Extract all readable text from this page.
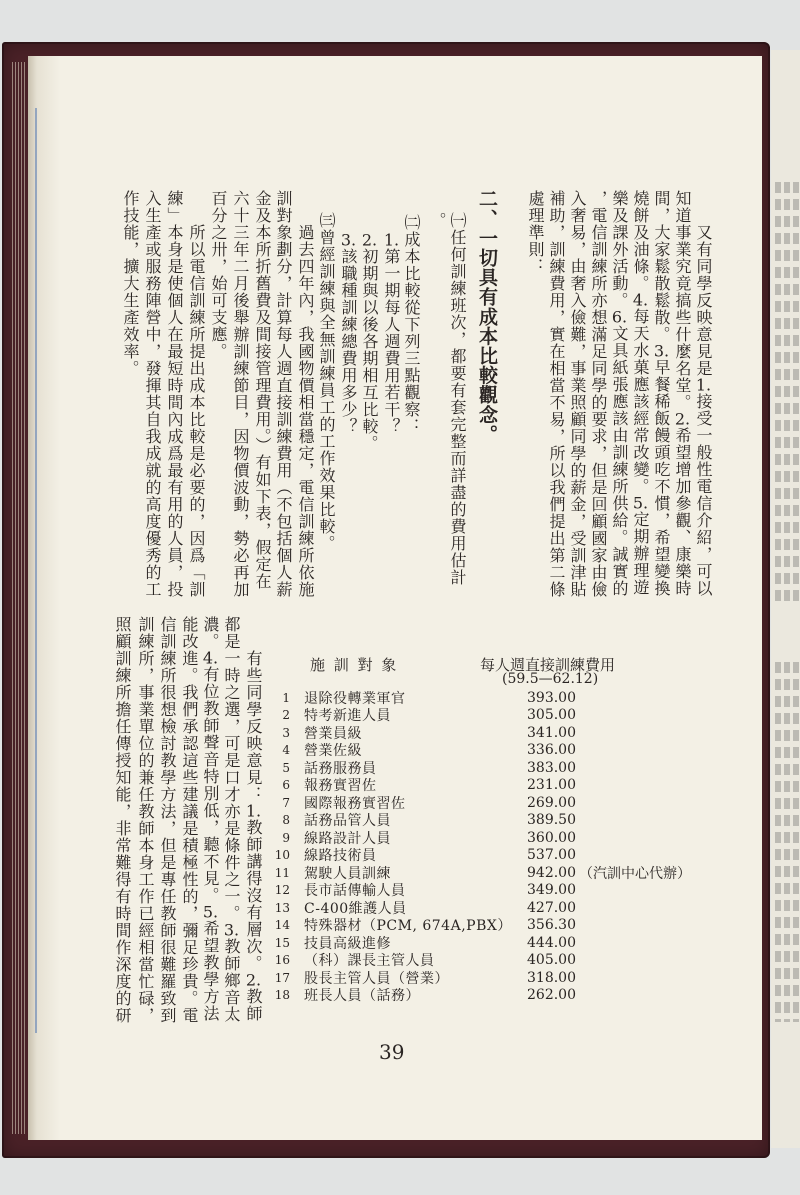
又有同學反映意見是1.接受一般性電信介紹，可以
知道事業究竟搞些什麼名堂。2.希望增加參觀、康樂時
間，大家鬆散鬆散。3.早餐稀飯饅頭吃不慣，希望變換
燒餅及油條。4.每天水菓應該經常改變。5.定期辦理遊
樂及課外活動。6.文具紙張應該由訓練所供給。誠實的
，電信訓練所亦想滿足同學的要求，但是回顧國家由儉
入奢易，由奢入儉難，事業照顧同學的薪金，受訓津貼
補助，訓練費用，實在相當不易，所以我們提出第二條
處理準則：
二、一切具有成本比較觀念。
㈠任何訓練班次，都要有套完整而詳盡的費用估計
。
㈡成本比較從下列三點觀察：
1.第一期每人週費用若干？
2.初期與以後各期相互比較。
3.該職種訓練總費用多少？
㈢曾經訓練與全無訓練員工的工作效果比較。
過去四年內，我國物價相當穩定，電信訓練所依施
訓對象劃分，計算每人週直接訓練費用（不包括個人薪
金及本所折舊費及間接管理費用。）有如下表，假定在
六十三年二月後舉辦訓練節目，因物價波動，勢必再加
百分之卅，始可支應。
所以電信訓練所提出成本比較是必要的，因爲「訓
練」本身是使個人在最短時間內成爲最有用的人員，投
入生產或服務陣營中，發揮其自我成就的高度優秀的工
作技能，擴大生產效率。
施 訓 對 象	每人週直接訓練費用
(59.5—62.12)
1 退除役轉業軍官	393.00
2 特考新進人員	305.00
3 營業員級	341.00
4 營業佐級	336.00
5 話務服務員	383.00
6 報務實習佐	231.00
7 國際報務實習佐	269.00
8 話務品管人員	389.50
9 線路設計人員	360.00
10 線路技術員	537.00
11 駕駛人員訓練	942.00 （汽訓中心代辦）
12 長市話傳輸人員	349.00
13 C-400維護人員	427.00
14 特殊器材（PCM, 674A,PBX）	356.30
15 技員高級進修	444.00
16 （科）課長主管人員	405.00
17 股長主管人員（營業）	318.00
18 班長人員（話務）	262.00
有些同學反映意見：1.教師講得沒有層次。2.教師
都是一時之選，可是口才亦是條件之一。3.教師鄉音太
濃。4.有位教師聲音特別低，聽不見。5.希望教學方法
能改進。我們承認這些建議是積極性的，彌足珍貴。電
信訓練所很想檢討教學方法，但是專任教師很難羅致到
訓練所，事業單位的兼任教師本身工作已經相當忙碌，
照顧訓練所擔任傳授知能，非常難得有時間作深度的研
39
